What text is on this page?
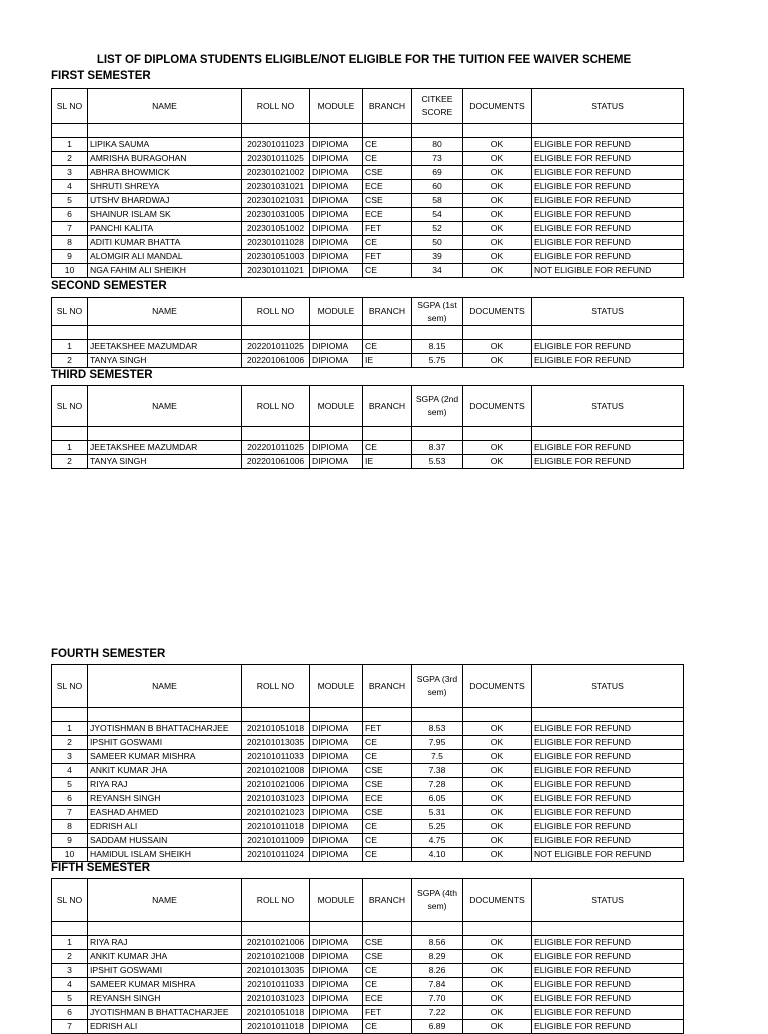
LIST OF DIPLOMA STUDENTS ELIGIBLE/NOT ELIGIBLE FOR THE TUITION FEE WAIVER SCHEME
FIRST SEMESTER
SL NO	NAME	ROLL NO	MODULE	BRANCH	CITKEE SCORE	DOCUMENTS	STATUS

1	LIPIKA SAUMA	202301011023	DIPIOMA	CE	80	OK	ELIGIBLE FOR REFUND
2	AMRISHA BURAGOHAN	202301011025	DIPIOMA	CE	73	OK	ELIGIBLE FOR REFUND
3	ABHRA BHOWMICK	202301021002	DIPIOMA	CSE	69	OK	ELIGIBLE FOR REFUND
4	SHRUTI SHREYA	202301031021	DIPIOMA	ECE	60	OK	ELIGIBLE FOR REFUND
5	UTSHV BHARDWAJ	202301021031	DIPIOMA	CSE	58	OK	ELIGIBLE FOR REFUND
6	SHAINUR ISLAM SK	202301031005	DIPIOMA	ECE	54	OK	ELIGIBLE FOR REFUND
7	PANCHI KALITA	202301051002	DIPIOMA	FET	52	OK	ELIGIBLE FOR REFUND
8	ADITI KUMAR BHATTA	202301011028	DIPIOMA	CE	50	OK	ELIGIBLE FOR REFUND
9	ALOMGIR ALI MANDAL	202301051003	DIPIOMA	FET	39	OK	ELIGIBLE FOR REFUND
10	NGA FAHIM ALI SHEIKH	202301011021	DIPIOMA	CE	34	OK	NOT ELIGIBLE FOR REFUND
SECOND SEMESTER
SL NO	NAME	ROLL NO	MODULE	BRANCH	SGPA (1st sem)	DOCUMENTS	STATUS

1	JEETAKSHEE MAZUMDAR	202201011025	DIPIOMA	CE	8.15	OK	ELIGIBLE FOR REFUND
2	TANYA SINGH	202201061006	DIPIOMA	IE	5.75	OK	ELIGIBLE FOR REFUND
THIRD SEMESTER
SL NO	NAME	ROLL NO	MODULE	BRANCH	SGPA (2nd sem)	DOCUMENTS	STATUS

1	JEETAKSHEE MAZUMDAR	202201011025	DIPIOMA	CE	8.37	OK	ELIGIBLE FOR REFUND
2	TANYA SINGH	202201061006	DIPIOMA	IE	5.53	OK	ELIGIBLE FOR REFUND
FOURTH SEMESTER
SL NO	NAME	ROLL NO	MODULE	BRANCH	SGPA (3rd sem)	DOCUMENTS	STATUS

1	JYOTISHMAN B BHATTACHARJEE	202101051018	DIPIOMA	FET	8.53	OK	ELIGIBLE FOR REFUND
2	IPSHIT GOSWAMI	202101013035	DIPIOMA	CE	7.95	OK	ELIGIBLE FOR REFUND
3	SAMEER KUMAR MISHRA	202101011033	DIPIOMA	CE	7.5	OK	ELIGIBLE FOR REFUND
4	ANKIT KUMAR JHA	202101021008	DIPIOMA	CSE	7.38	OK	ELIGIBLE FOR REFUND
5	RIYA RAJ	202101021006	DIPIOMA	CSE	7.28	OK	ELIGIBLE FOR REFUND
6	REYANSH SINGH	202101031023	DIPIOMA	ECE	6.05	OK	ELIGIBLE FOR REFUND
7	EASHAD AHMED	202101021023	DIPIOMA	CSE	5.31	OK	ELIGIBLE FOR REFUND
8	EDRISH ALI	202101011018	DIPIOMA	CE	5.25	OK	ELIGIBLE FOR REFUND
9	SADDAM HUSSAIN	202101011009	DIPIOMA	CE	4.75	OK	ELIGIBLE FOR REFUND
10	HAMIDUL ISLAM SHEIKH	202101011024	DIPIOMA	CE	4.10	OK	NOT ELIGIBLE FOR REFUND
FIFTH SEMESTER
SL NO	NAME	ROLL NO	MODULE	BRANCH	SGPA (4th sem)	DOCUMENTS	STATUS

1	RIYA RAJ	202101021006	DIPIOMA	CSE	8.56	OK	ELIGIBLE FOR REFUND
2	ANKIT KUMAR JHA	202101021008	DIPIOMA	CSE	8.29	OK	ELIGIBLE FOR REFUND
3	IPSHIT GOSWAMI	202101013035	DIPIOMA	CE	8.26	OK	ELIGIBLE FOR REFUND
4	SAMEER KUMAR MISHRA	202101011033	DIPIOMA	CE	7.84	OK	ELIGIBLE FOR REFUND
5	REYANSH SINGH	202101031023	DIPIOMA	ECE	7.70	OK	ELIGIBLE FOR REFUND
6	JYOTISHMAN B BHATTACHARJEE	202101051018	DIPIOMA	FET	7.22	OK	ELIGIBLE FOR REFUND
7	EDRISH ALI	202101011018	DIPIOMA	CE	6.89	OK	ELIGIBLE FOR REFUND
